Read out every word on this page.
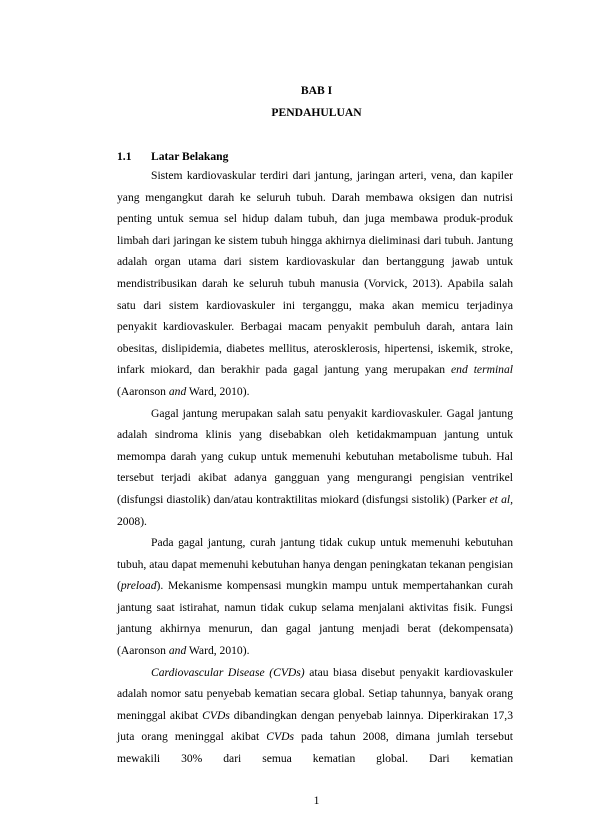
BAB I
PENDAHULUAN
1.1 Latar Belakang

Sistem kardiovaskular terdiri dari jantung, jaringan arteri, vena, dan kapiler yang mengangkut darah ke seluruh tubuh. Darah membawa oksigen dan nutrisi penting untuk semua sel hidup dalam tubuh, dan juga membawa produk-produk limbah dari jaringan ke sistem tubuh hingga akhirnya dieliminasi dari tubuh. Jantung adalah organ utama dari sistem kardiovaskular dan bertanggung jawab untuk mendistribusikan darah ke seluruh tubuh manusia (Vorvick, 2013). Apabila salah satu dari sistem kardiovaskuler ini terganggu, maka akan memicu terjadinya penyakit kardiovaskuler. Berbagai macam penyakit pembuluh darah, antara lain obesitas, dislipidemia, diabetes mellitus, aterosklerosis, hipertensi, iskemik, stroke, infark miokard, dan berakhir pada gagal jantung yang merupakan end terminal (Aaronson and Ward, 2010).

Gagal jantung merupakan salah satu penyakit kardiovaskuler. Gagal jantung adalah sindroma klinis yang disebabkan oleh ketidakmampuan jantung untuk memompa darah yang cukup untuk memenuhi kebutuhan metabolisme tubuh. Hal tersebut terjadi akibat adanya gangguan yang mengurangi pengisian ventrikel (disfungsi diastolik) dan/atau kontraktilitas miokard (disfungsi sistolik) (Parker et al, 2008).

Pada gagal jantung, curah jantung tidak cukup untuk memenuhi kebutuhan tubuh, atau dapat memenuhi kebutuhan hanya dengan peningkatan tekanan pengisian (preload). Mekanisme kompensasi mungkin mampu untuk mempertahankan curah jantung saat istirahat, namun tidak cukup selama menjalani aktivitas fisik. Fungsi jantung akhirnya menurun, dan gagal jantung menjadi berat (dekompensata) (Aaronson and Ward, 2010).

Cardiovascular Disease (CVDs) atau biasa disebut penyakit kardiovaskuler adalah nomor satu penyebab kematian secara global. Setiap tahunnya, banyak orang meninggal akibat CVDs dibandingkan dengan penyebab lainnya. Diperkirakan 17,3 juta orang meninggal akibat CVDs pada tahun 2008, dimana jumlah tersebut mewakili 30% dari semua kematian global. Dari kematian

1
